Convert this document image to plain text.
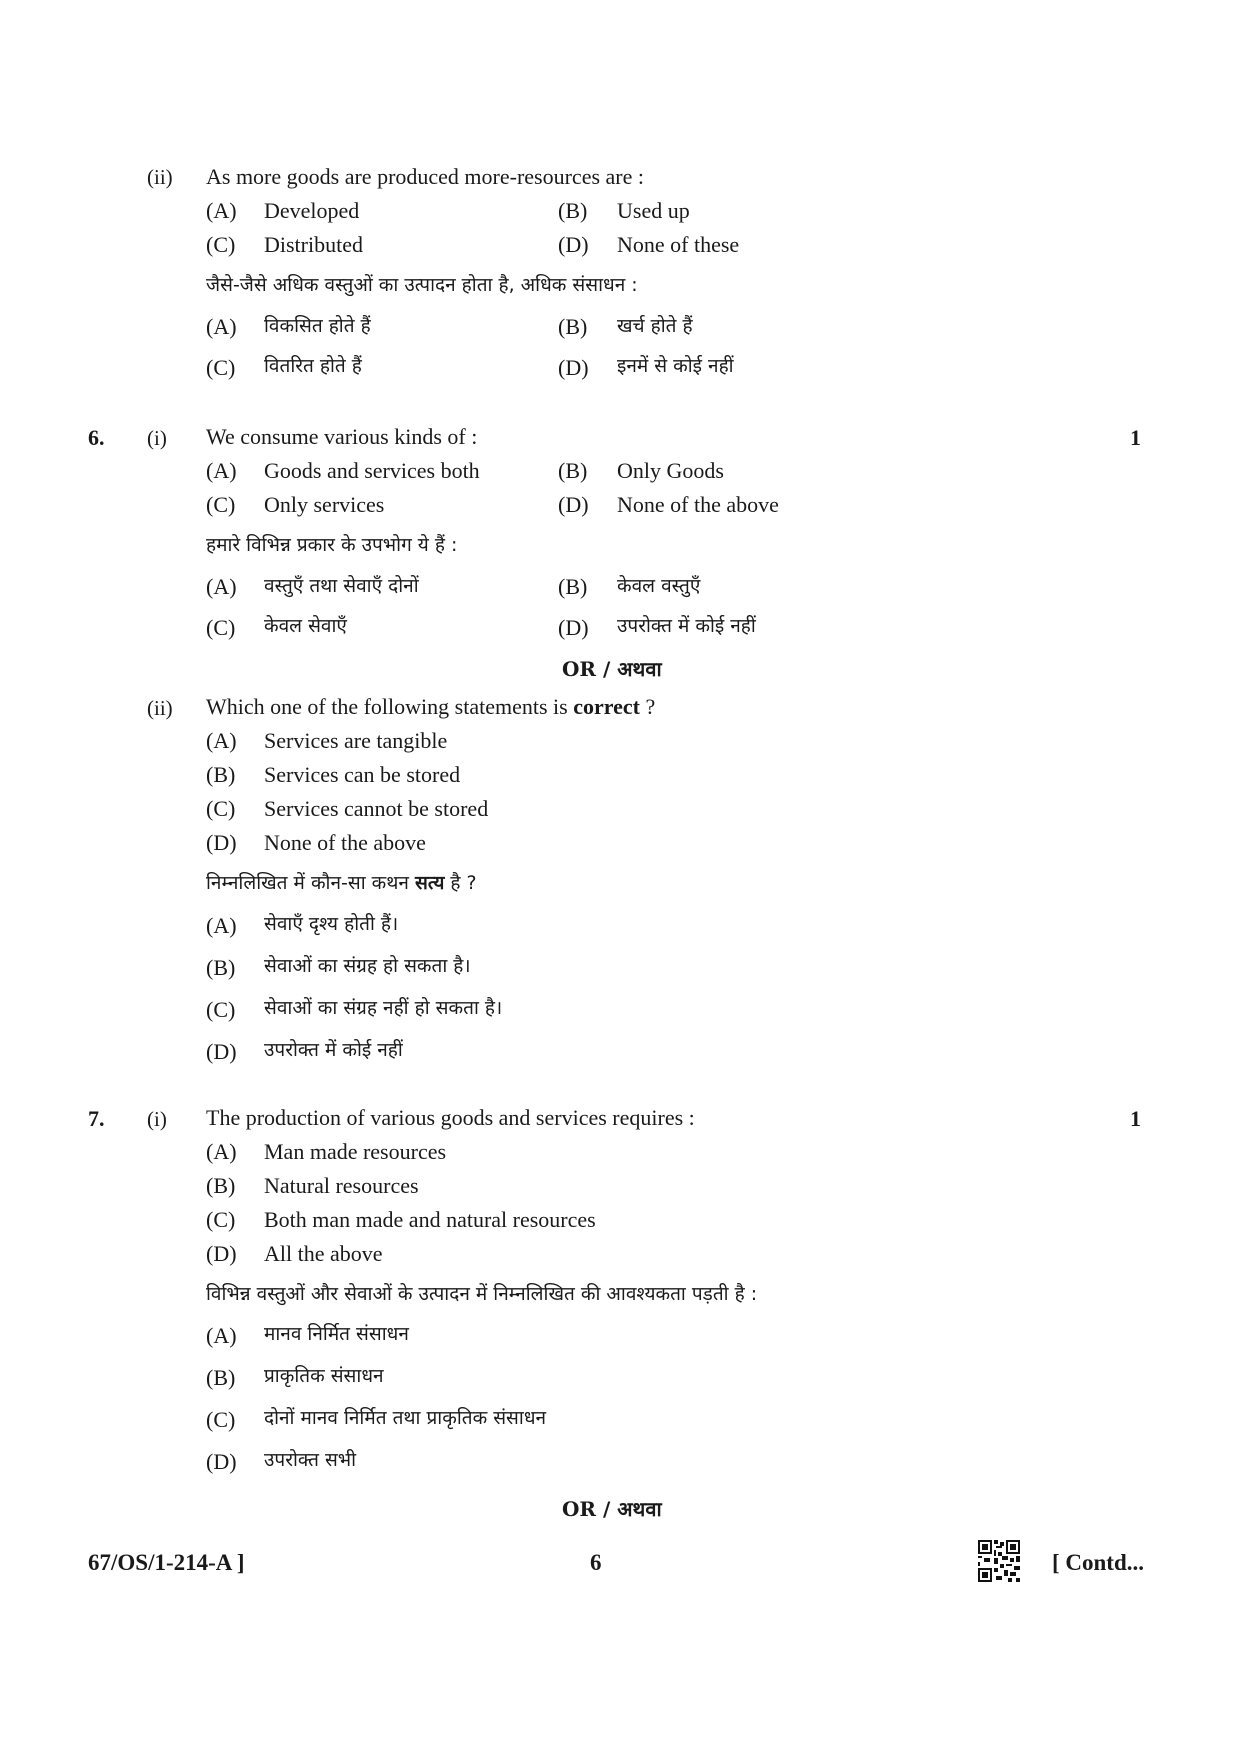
(ii) As more goods are produced more-resources are :
(A) Developed	(B) Used up
(C) Distributed	(D) None of these
जैसे-जैसे अधिक वस्तुओं का उत्पादन होता है, अधिक संसाधन :
(A) विकसित होते हैं	(B) खर्च होते हैं
(C) वितरित होते हैं	(D) इनमें से कोई नहीं
6. (i) We consume various kinds of :	1
(A) Goods and services both	(B) Only Goods
(C) Only services	(D) None of the above
हमारे विभिन्न प्रकार के उपभोग ये हैं :
(A) वस्तुएँ तथा सेवाएँ दोनों	(B) केवल वस्तुएँ
(C) केवल सेवाएँ	(D) उपरोक्त में कोई नहीं
OR / अथवा
(ii) Which one of the following statements is correct ?
(A) Services are tangible
(B) Services can be stored
(C) Services cannot be stored
(D) None of the above
निम्नलिखित में कौन-सा कथन सत्य है ?
(A) सेवाएँ दृश्य होती हैं।
(B) सेवाओं का संग्रह हो सकता है।
(C) सेवाओं का संग्रह नहीं हो सकता है।
(D) उपरोक्त में कोई नहीं
7. (i) The production of various goods and services requires :	1
(A) Man made resources
(B) Natural resources
(C) Both man made and natural resources
(D) All the above
विभिन्न वस्तुओं और सेवाओं के उत्पादन में निम्नलिखित की आवश्यकता पड़ती है :
(A) मानव निर्मित संसाधन
(B) प्राकृतिक संसाधन
(C) दोनों मानव निर्मित तथा प्राकृतिक संसाधन
(D) उपरोक्त सभी
OR / अथवा
67/OS/1-214-A ]	6	[ Contd...
